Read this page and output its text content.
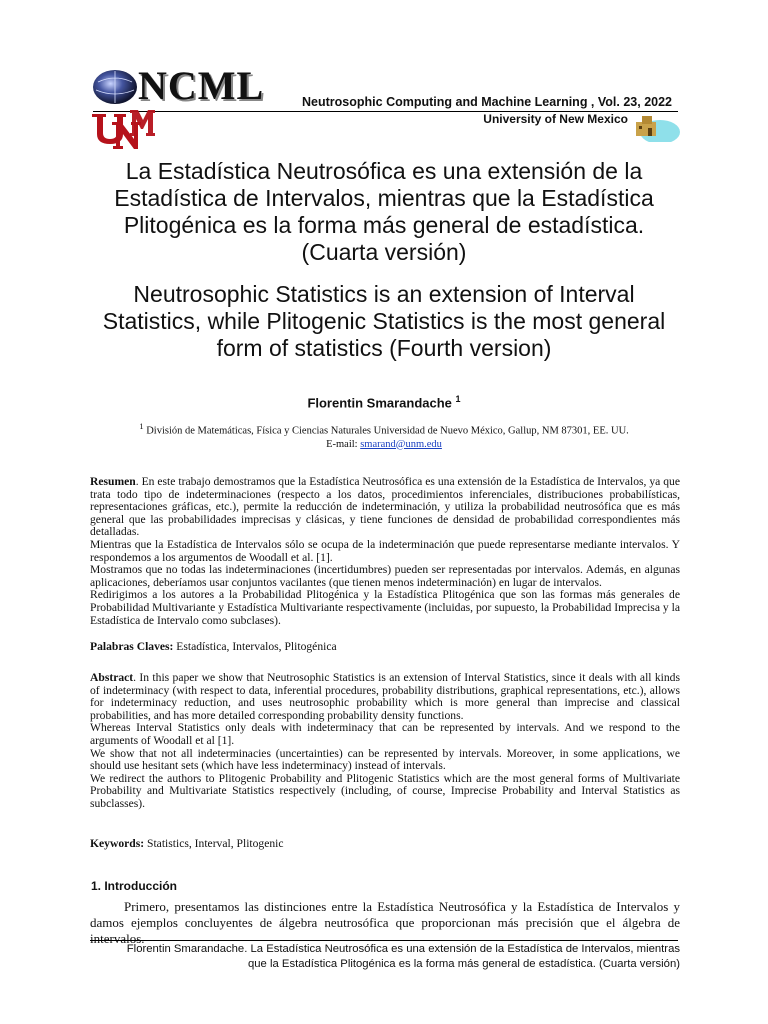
NCML	Neutrosophic Computing and Machine Learning , Vol. 23, 2022
University of New Mexico
La Estadística Neutrosófica es una extensión de la
Estadística de Intervalos, mientras que la Estadística
Plitogénica es la forma más general de estadística.
(Cuarta versión)
Neutrosophic Statistics is an extension of Interval
Statistics, while Plitogenic Statistics is the most general
form of statistics (Fourth version)
Florentin Smarandache $^1$
$^1$ División de Matemáticas, Física y Ciencias Naturales Universidad de Nuevo México, Gallup, NM 87301, EE. UU.
E-mail: smarand@unm.edu

Resumen. En este trabajo demostramos que la Estadística Neutrosófica es una extensión de la Estadística de Intervalos, ya que trata todo tipo de indeterminaciones (respecto a los datos, procedimientos inferenciales, distribuciones probabilísticas, representaciones gráficas, etc.), permite la reducción de indeterminación, y utiliza la probabilidad neutrosófica que es más general que las probabilidades imprecisas y clásicas, y tiene funciones de densidad de probabilidad correspondientes más detalladas.

Mientras que la Estadística de Intervalos sólo se ocupa de la indeterminación que puede representarse mediante intervalos. Y respondemos a los argumentos de Woodall et al. [1].

Mostramos que no todas las indeterminaciones (incertidumbres) pueden ser representadas por intervalos. Además, en algunas aplicaciones, deberíamos usar conjuntos vacilantes (que tienen menos indeterminación) en lugar de intervalos.

Redirigimos a los autores a la Probabilidad Plitogénica y la Estadística Plitogénica que son las formas más generales de Probabilidad Multivariante y Estadística Multivariante respectivamente (incluidas, por supuesto, la Probabilidad Imprecisa y la Estadística de Intervalo como subclases).

Palabras Claves: Estadística, Intervalos, Plitogénica

Abstract. In this paper we show that Neutrosophic Statistics is an extension of Interval Statistics, since it deals with all kinds of indeterminacy (with respect to data, inferential procedures, probability distributions, graphical representations, etc.), allows for indeterminacy reduction, and uses neutrosophic probability which is more general than imprecise and classical probabilities, and has more detailed corresponding probability density functions.

Whereas Interval Statistics only deals with indeterminacy that can be represented by intervals. And we respond to the arguments of Woodall et al [1].

We show that not all indeterminacies (uncertainties) can be represented by intervals. Moreover, in some applications, we should use hesitant sets (which have less indeterminacy) instead of intervals.

We redirect the authors to Plitogenic Probability and Plitogenic Statistics which are the most general forms of Multivariate Probability and Multivariate Statistics respectively (including, of course, Imprecise Probability and Interval Statistics as subclasses).

Keywords: Statistics, Interval, Plitogenic

1. Introducción

Primero, presentamos las distinciones entre la Estadística Neutrosófica y la Estadística de Intervalos y damos ejemplos concluyentes de álgebra neutrosófica que proporcionan más precisión que el álgebra de intervalos.

Florentin Smarandache. La Estadística Neutrosófica es una extensión de la Estadística de Intervalos, mientras
que la Estadística Plitogénica es la forma más general de estadística. (Cuarta versión)
